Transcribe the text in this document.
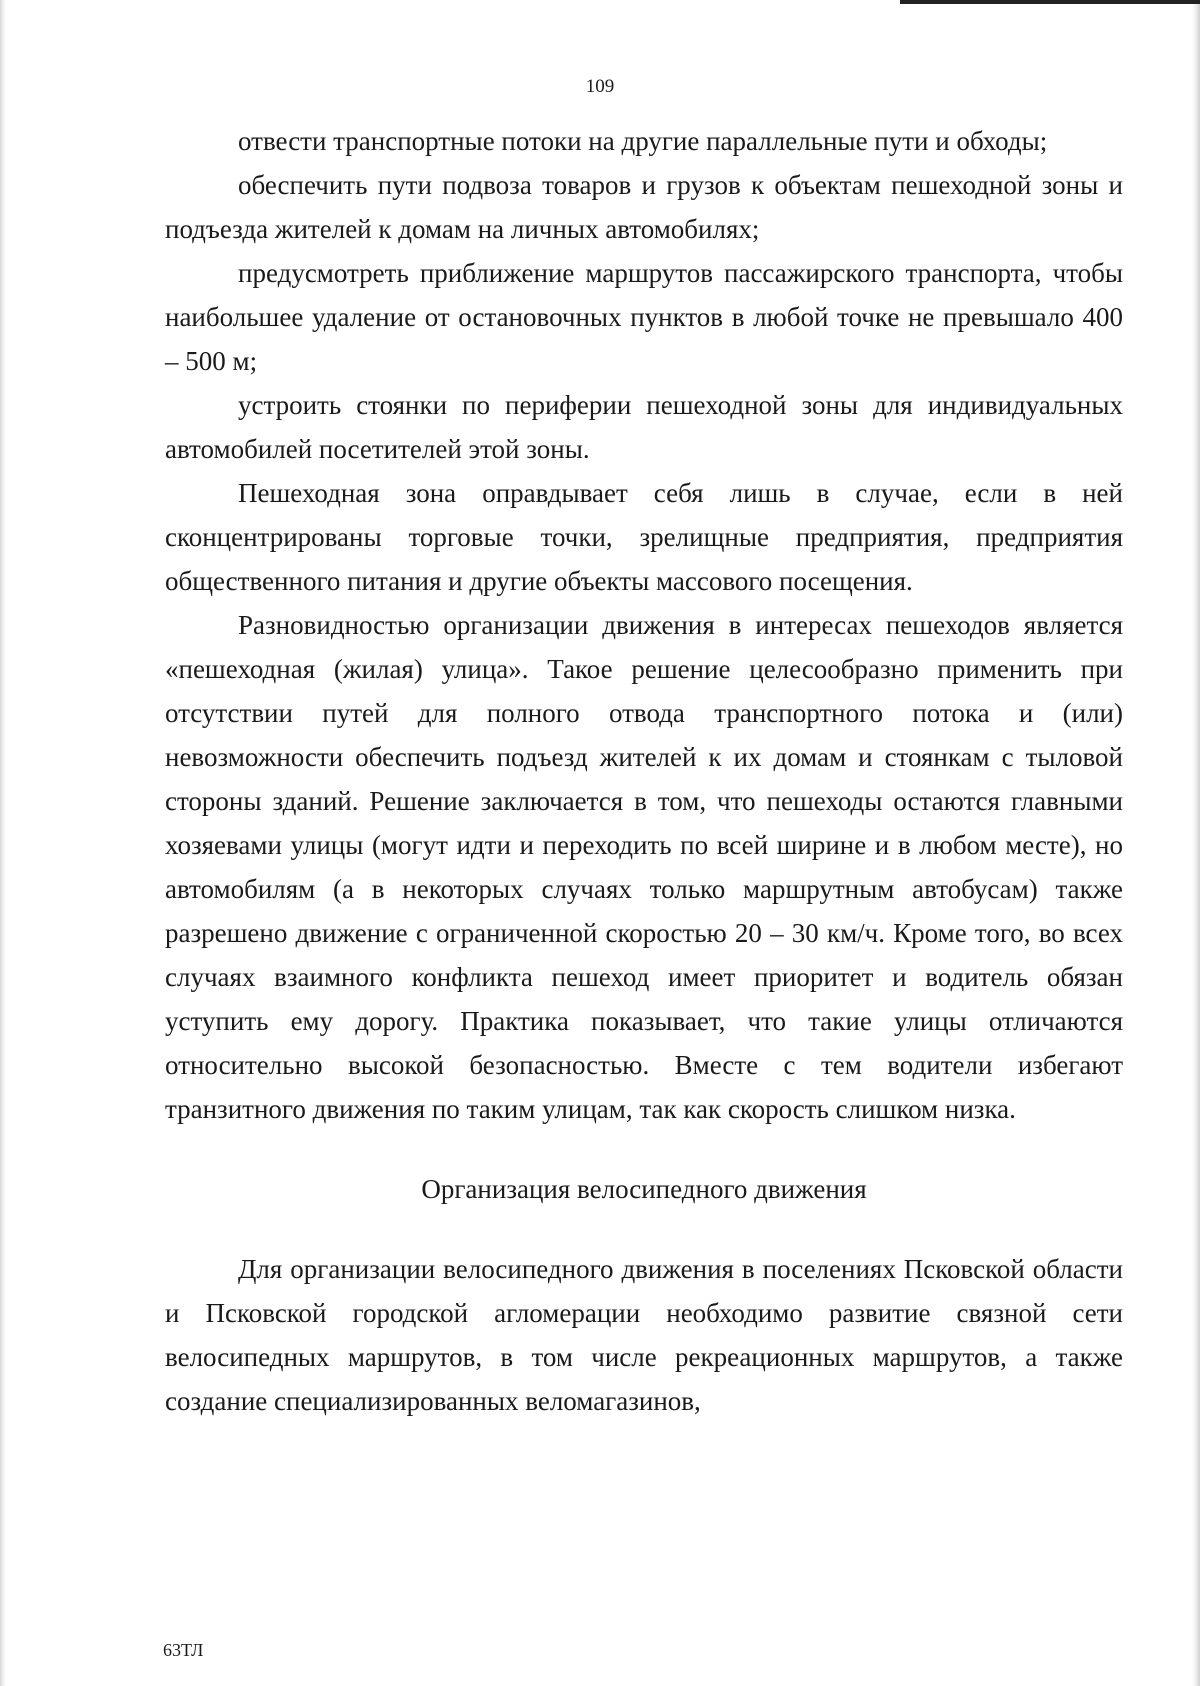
109

отвести транспортные потоки на другие параллельные пути и обходы;

обеспечить пути подвоза товаров и грузов к объектам пешеходной зоны и подъезда жителей к домам на личных автомобилях;

предусмотреть приближение маршрутов пассажирского транспорта, чтобы наибольшее удаление от остановочных пунктов в любой точке не превышало 400 – 500 м;

устроить стоянки по периферии пешеходной зоны для индивидуальных автомобилей посетителей этой зоны.

Пешеходная зона оправдывает себя лишь в случае, если в ней сконцентрированы торговые точки, зрелищные предприятия, предприятия общественного питания и другие объекты массового посещения.

Разновидностью организации движения в интересах пешеходов является «пешеходная (жилая) улица». Такое решение целесообразно применить при отсутствии путей для полного отвода транспортного потока и (или) невозможности обеспечить подъезд жителей к их домам и стоянкам с тыловой стороны зданий. Решение заключается в том, что пешеходы остаются главными хозяевами улицы (могут идти и переходить по всей ширине и в любом месте), но автомобилям (а в некоторых случаях только маршрутным автобусам) также разрешено движение с ограниченной скоростью 20 – 30 км/ч. Кроме того, во всех случаях взаимного конфликта пешеход имеет приоритет и водитель обязан уступить ему дорогу. Практика показывает, что такие улицы отличаются относительно высокой безопасностью. Вместе с тем водители избегают транзитного движения по таким улицам, так как скорость слишком низка.

Организация велосипедного движения

Для организации велосипедного движения в поселениях Псковской области и Псковской городской агломерации необходимо развитие связной сети велосипедных маршрутов, в том числе рекреационных маршрутов, а также создание специализированных веломагазинов,

63ТЛ
